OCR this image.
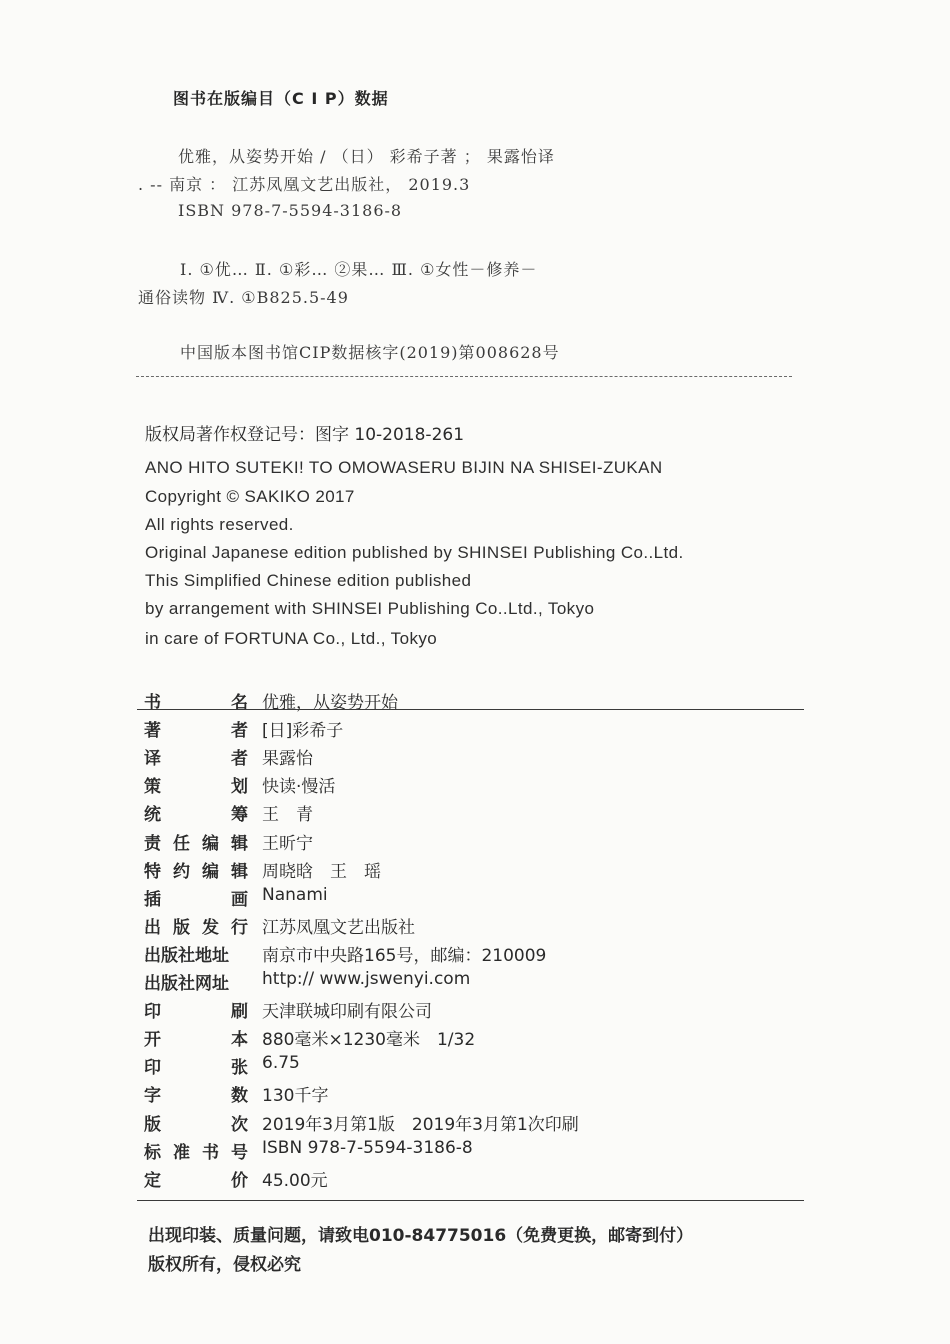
图书在版编目（C I P）数据
优雅，从姿势开始 / （日） 彩希子著 ； 果露怡译
. -- 南京 ： 江苏凤凰文艺出版社， 2019.3
ISBN 978-7-5594-3186-8
Ⅰ. ①优… Ⅱ. ①彩… ②果… Ⅲ. ①女性－修养－
通俗读物 Ⅳ. ①B825.5-49
中国版本图书馆CIP数据核字(2019)第008628号
版权局著作权登记号：图字 10-2018-261
ANO HITO SUTEKI! TO OMOWASERU BIJIN NA SHISEI-ZUKAN
Copyright © SAKIKO 2017
All rights reserved.
Original Japanese edition published by SHINSEI Publishing Co..Ltd.
This Simplified Chinese edition published
by arrangement with SHINSEI Publishing Co..Ltd., Tokyo
in care of FORTUNA Co., Ltd., Tokyo
书	名 优雅，从姿势开始
著	者 [日]彩希子
译	者 果露怡
策	划 快读·慢活
统	筹 王　青
责 任 编 辑 王昕宁
特 约 编 辑 周晓晗　王　瑶
插	画 Nanami
出 版 发 行 江苏凤凰文艺出版社
出版社地址 南京市中央路165号，邮编：210009
出版社网址 http:// www.jswenyi.com
印	刷 天津联城印刷有限公司
开	本 880毫米×1230毫米　1/32
印	张 6.75
字	数 130千字
版	次 2019年3月第1版　2019年3月第1次印刷
标 准 书 号 ISBN 978-7-5594-3186-8
定	价 45.00元
出现印装、质量问题，请致电010-84775016（免费更换，邮寄到付）
版权所有，侵权必究
